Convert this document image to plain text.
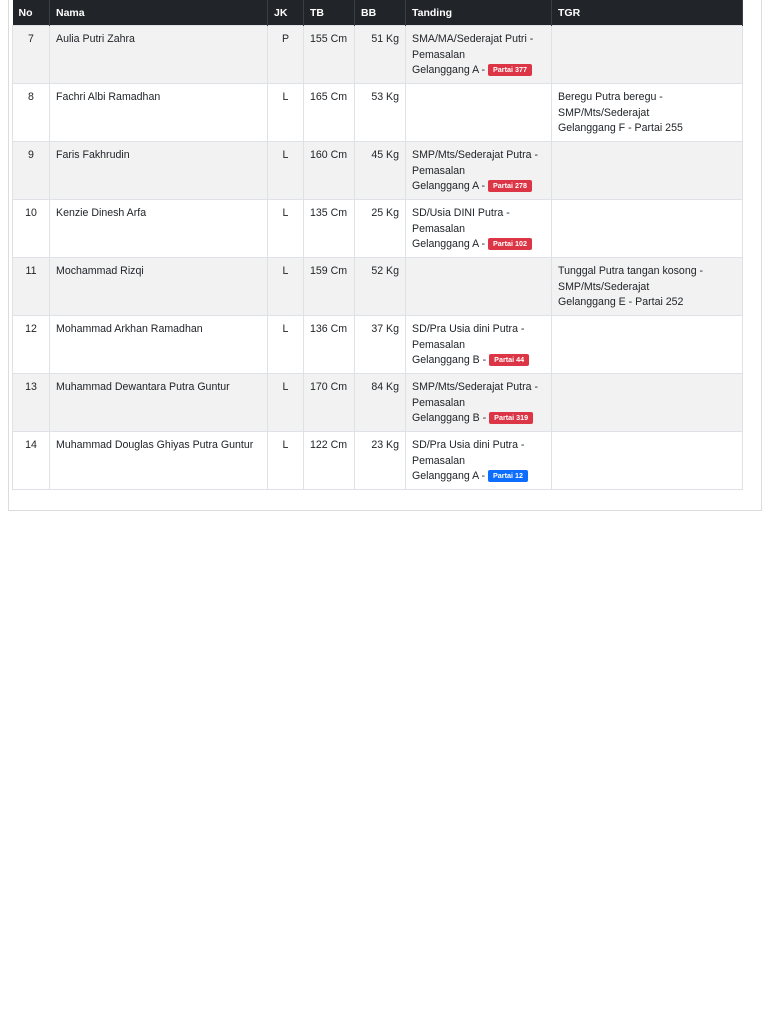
No	Nama	JK	TB	BB	Tanding	TGR
7	Aulia Putri Zahra	P	155 Cm	51 Kg	SMA/MA/Sederajat Putri -
Pemasalan
Gelanggang A - Partai 377	
8	Fachri Albi Ramadhan	L	165 Cm	53 Kg		Beregu Putra beregu -
SMP/Mts/Sederajat
Gelanggang F - Partai 255
9	Faris Fakhrudin	L	160 Cm	45 Kg	SMP/Mts/Sederajat Putra -
Pemasalan
Gelanggang A - Partai 278	
10	Kenzie Dinesh Arfa	L	135 Cm	25 Kg	SD/Usia DINI Putra -
Pemasalan
Gelanggang A - Partai 102	
11	Mochammad Rizqi	L	159 Cm	52 Kg		Tunggal Putra tangan kosong -
SMP/Mts/Sederajat
Gelanggang E - Partai 252
12	Mohammad Arkhan Ramadhan	L	136 Cm	37 Kg	SD/Pra Usia dini Putra -
Pemasalan
Gelanggang B - Partai 44	
13	Muhammad Dewantara Putra Guntur	L	170 Cm	84 Kg	SMP/Mts/Sederajat Putra -
Pemasalan
Gelanggang B - Partai 319	
14	Muhammad Douglas Ghiyas Putra Guntur	L	122 Cm	23 Kg	SD/Pra Usia dini Putra -
Pemasalan
Gelanggang A - Partai 12	
